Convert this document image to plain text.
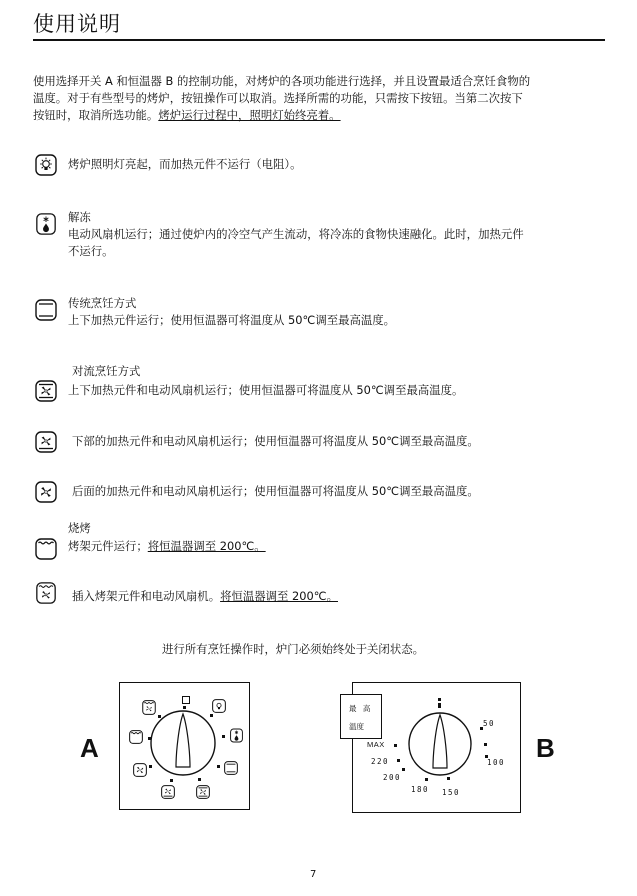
使用说明
使用选择开关 A 和恒温器 B 的控制功能，对烤炉的各项功能进行选择，并且设置最适合烹饪食物的
温度。对于有些型号的烤炉，按钮操作可以取消。选择所需的功能，只需按下按钮。当第二次按下
按钮时，取消所选功能。烤炉运行过程中，照明灯始终亮着。
烤炉照明灯亮起，而加热元件不运行（电阻）。
解冻
电动风扇机运行；通过使炉内的冷空气产生流动，将冷冻的食物快速融化。此时，加热元件
不运行。
传统烹饪方式
上下加热元件运行；使用恒温器可将温度从 50℃调至最高温度。
对流烹饪方式
上下加热元件和电动风扇机运行；使用恒温器可将温度从 50℃调至最高温度。
下部的加热元件和电动风扇机运行；使用恒温器可将温度从 50℃调至最高温度。
后面的加热元件和电动风扇机运行；使用恒温器可将温度从 50℃调至最高温度。
烧烤
烤架元件运行；将恒温器调至 200℃。
插入烤架元件和电动风扇机。将恒温器调至 200℃。
进行所有烹饪操作时，炉门必须始终处于关闭状态。
A	B
最 高
温度	50
100
150
180
200
220
MAX
7
